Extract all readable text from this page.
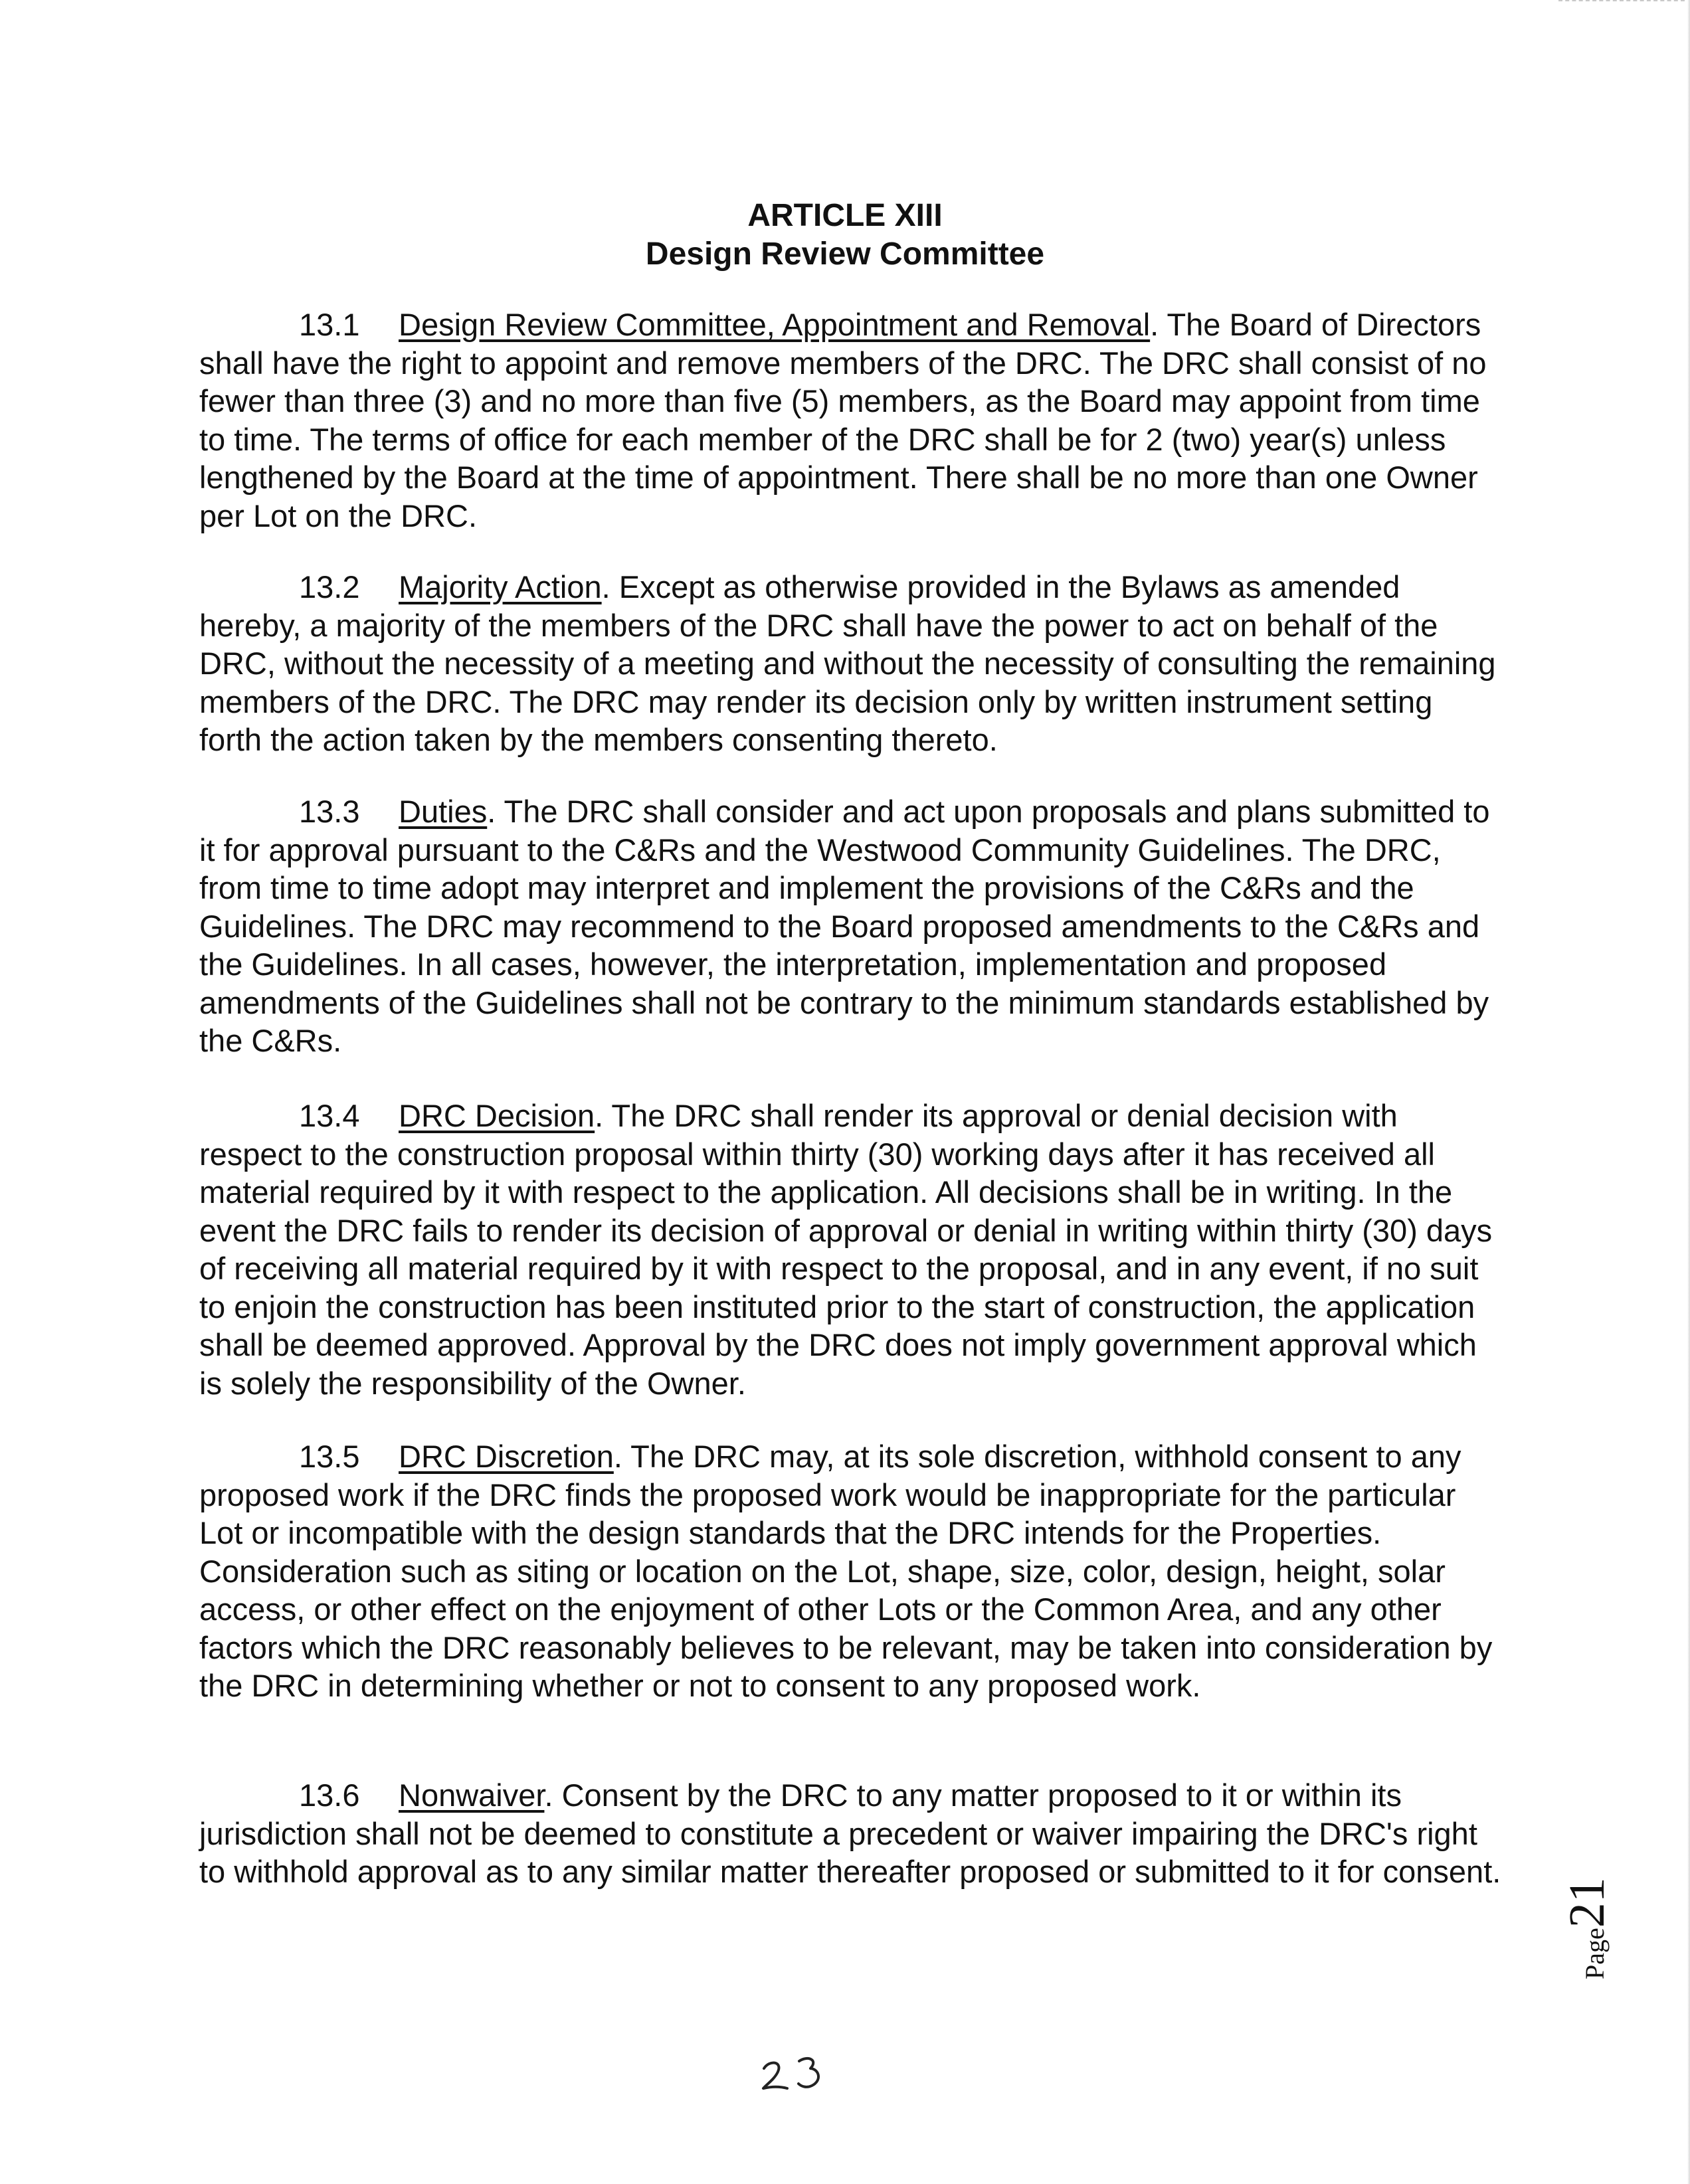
ARTICLE XIII
Design Review Committee

13.1 Design Review Committee, Appointment and Removal. The Board of Directors shall have the right to appoint and remove members of the DRC. The DRC shall consist of no fewer than three (3) and no more than five (5) members, as the Board may appoint from time to time. The terms of office for each member of the DRC shall be for 2 (two) year(s) unless lengthened by the Board at the time of appointment. There shall be no more than one Owner per Lot on the DRC.

13.2 Majority Action. Except as otherwise provided in the Bylaws as amended hereby, a majority of the members of the DRC shall have the power to act on behalf of the DRC, without the necessity of a meeting and without the necessity of consulting the remaining members of the DRC. The DRC may render its decision only by written instrument setting forth the action taken by the members consenting thereto.

13.3 Duties. The DRC shall consider and act upon proposals and plans submitted to it for approval pursuant to the C&Rs and the Westwood Community Guidelines. The DRC, from time to time adopt may interpret and implement the provisions of the C&Rs and the Guidelines. The DRC may recommend to the Board proposed amendments to the C&Rs and the Guidelines. In all cases, however, the interpretation, implementation and proposed amendments of the Guidelines shall not be contrary to the minimum standards established by the C&Rs.

13.4 DRC Decision. The DRC shall render its approval or denial decision with respect to the construction proposal within thirty (30) working days after it has received all material required by it with respect to the application. All decisions shall be in writing. In the event the DRC fails to render its decision of approval or denial in writing within thirty (30) days of receiving all material required by it with respect to the proposal, and in any event, if no suit to enjoin the construction has been instituted prior to the start of construction, the application shall be deemed approved. Approval by the DRC does not imply government approval which is solely the responsibility of the Owner.

13.5 DRC Discretion. The DRC may, at its sole discretion, withhold consent to any proposed work if the DRC finds the proposed work would be inappropriate for the particular Lot or incompatible with the design standards that the DRC intends for the Properties. Consideration such as siting or location on the Lot, shape, size, color, design, height, solar access, or other effect on the enjoyment of other Lots or the Common Area, and any other factors which the DRC reasonably believes to be relevant, may be taken into consideration by the DRC in determining whether or not to consent to any proposed work.

13.6 Nonwaiver. Consent by the DRC to any matter proposed to it or within its jurisdiction shall not be deemed to constitute a precedent or waiver impairing the DRC's right to withhold approval as to any similar matter thereafter proposed or submitted to it for consent.

Page21
